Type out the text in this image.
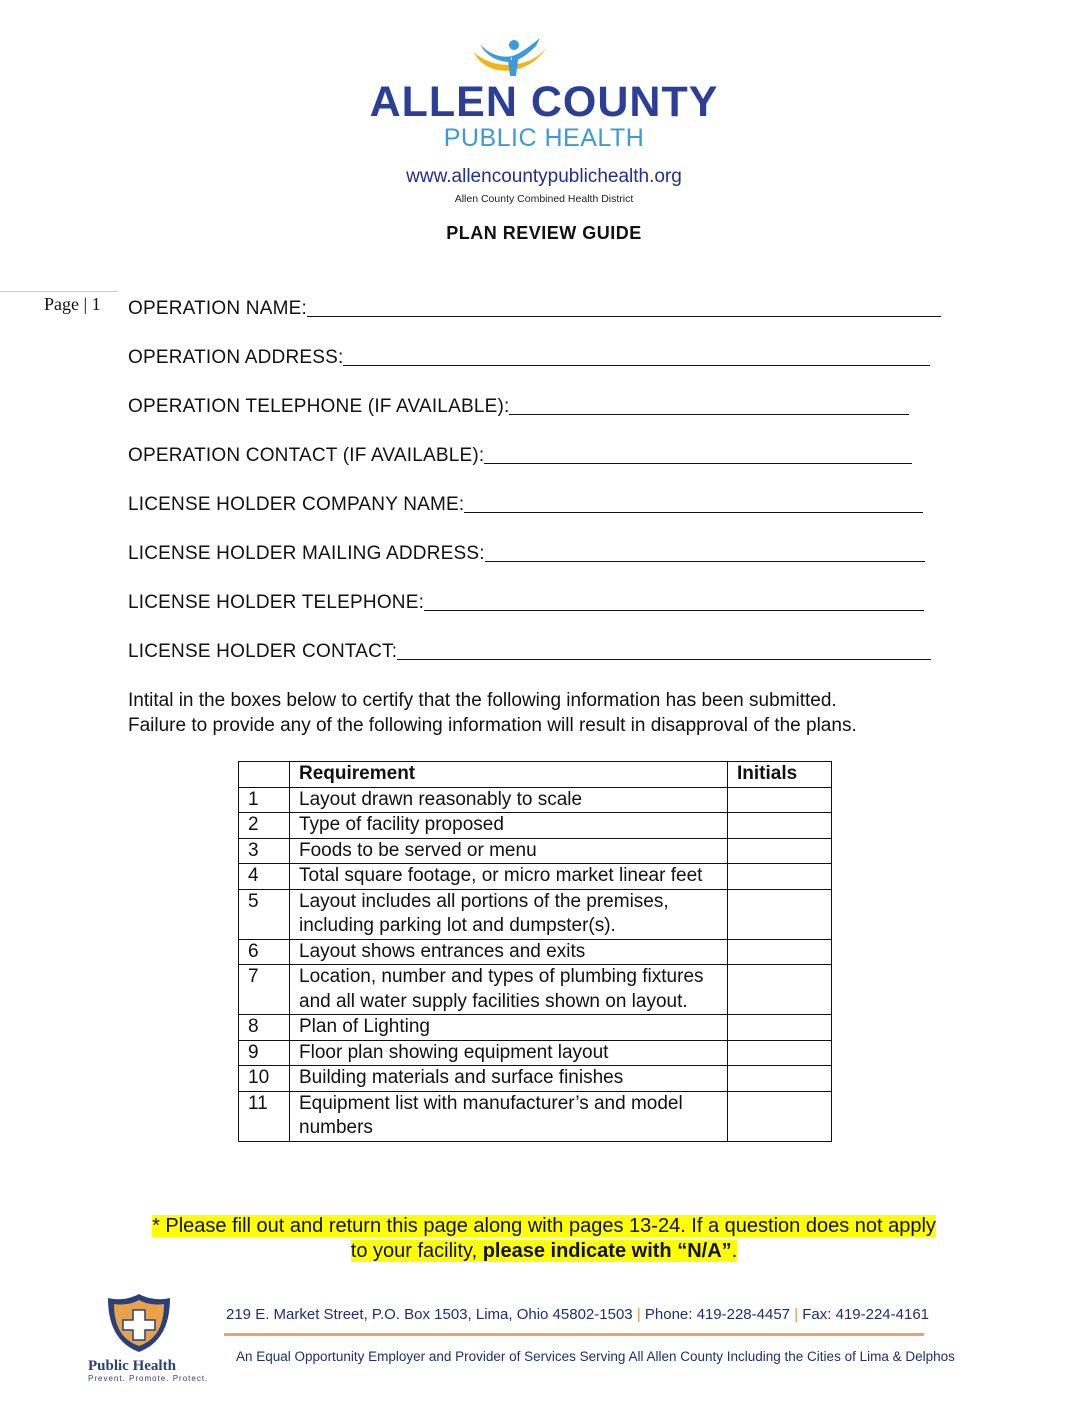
ALLEN COUNTY
PUBLIC HEALTH
www.allencountypublichealth.org
Allen County Combined Health District
PLAN REVIEW GUIDE
Page | 1 OPERATION NAME:
OPERATION ADDRESS:
OPERATION TELEPHONE (IF AVAILABLE):
OPERATION CONTACT (IF AVAILABLE):
LICENSE HOLDER COMPANY NAME:
LICENSE HOLDER MAILING ADDRESS:
LICENSE HOLDER TELEPHONE:
LICENSE HOLDER CONTACT:
Intital in the boxes below to certify that the following information has been submitted.
Failure to provide any of the following information will result in disapproval of the plans.
	Requirement	Initials
1	Layout drawn reasonably to scale	
2	Type of facility proposed	
3	Foods to be served or menu	
4	Total square footage, or micro market linear feet	
5	Layout includes all portions of the premises, including parking lot and dumpster(s).	
6	Layout shows entrances and exits	
7	Location, number and types of plumbing fixtures and all water supply facilities shown on layout.	
8	Plan of Lighting	
9	Floor plan showing equipment layout	
10	Building materials and surface finishes	
11	Equipment list with manufacturer’s and model numbers	
* Please fill out and return this page along with pages 13-24. If a question does not apply
to your facility, please indicate with “N/A”.
Public Health
Prevent. Promote. Protect.
219 E. Market Street, P.O. Box 1503, Lima, Ohio 45802-1503 | Phone: 419-228-4457 | Fax: 419-224-4161
An Equal Opportunity Employer and Provider of Services Serving All Allen County Including the Cities of Lima & Delphos
